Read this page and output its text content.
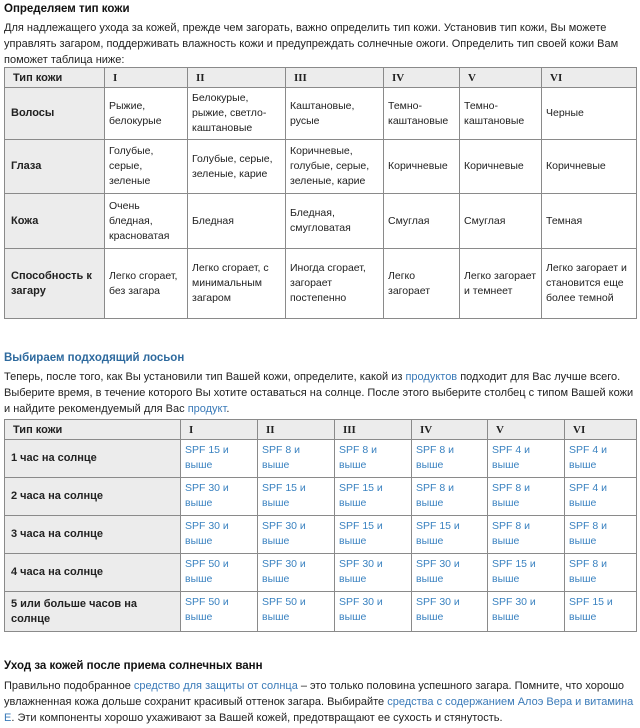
Определяем тип кожи

Для надлежащего ухода за кожей, прежде чем загорать, важно определить тип кожи. Установив тип кожи, Вы можете управлять загаром, поддерживать влажность кожи и предупреждать солнечные ожоги. Определить тип своей кожи Вам поможет таблица ниже:

Тип кожи	I	II	III	IV	V	VI
Волосы	Рыжие, белокурые	Белокурые, рыжие, светло-каштановые	Каштановые, русые	Темно-каштановые	Темно-каштановые	Черные
Глаза	Голубые, серые, зеленые	Голубые, серые, зеленые, карие	Коричневые, голубые, серые, зеленые, карие	Коричневые	Коричневые	Коричневые
Кожа	Очень бледная, красноватая	Бледная	Бледная, смугловатая	Смуглая	Смуглая	Темная
Способность к загару	Легко сгорает, без загара	Легко сгорает, с минимальным загаром	Иногда сгорает, загорает постепенно	Легко загорает	Легко загорает и темнеет	Легко загорает и становится еще более темной

Выбираем подходящий лосьон

Теперь, после того, как Вы установили тип Вашей кожи, определите, какой из продуктов подходит для Вас лучше всего. Выберите время, в течение которого Вы хотите оставаться на солнце. После этого выберите столбец с типом Вашей кожи и найдите рекомендуемый для Вас продукт.

Тип кожи	I	II	III	IV	V	VI
1 час на солнце	SPF 15 и выше	SPF 8 и выше	SPF 8 и выше	SPF 8 и выше	SPF 4 и выше	SPF 4 и выше
2 часа на солнце	SPF 30 и выше	SPF 15 и выше	SPF 15 и выше	SPF 8 и выше	SPF 8 и выше	SPF 4 и выше
3 часа на солнце	SPF 30 и выше	SPF 30 и выше	SPF 15 и выше	SPF 15 и выше	SPF 8 и выше	SPF 8 и выше
4 часа на солнце	SPF 50 и выше	SPF 30 и выше	SPF 30 и выше	SPF 30 и выше	SPF 15 и выше	SPF 8 и выше
5 или больше часов на солнце	SPF 50 и выше	SPF 50 и выше	SPF 30 и выше	SPF 30 и выше	SPF 30 и выше	SPF 15 и выше

Уход за кожей после приема солнечных ванн

Правильно подобранное средство для защиты от солнца – это только половина успешного загара. Помните, что хорошо увлажненная кожа дольше сохранит красивый оттенок загара. Выбирайте средства с содержанием Алоэ Вера и витамина Е. Эти компоненты хорошо ухаживают за Вашей кожей, предотвращают ее сухость и стянутость.
